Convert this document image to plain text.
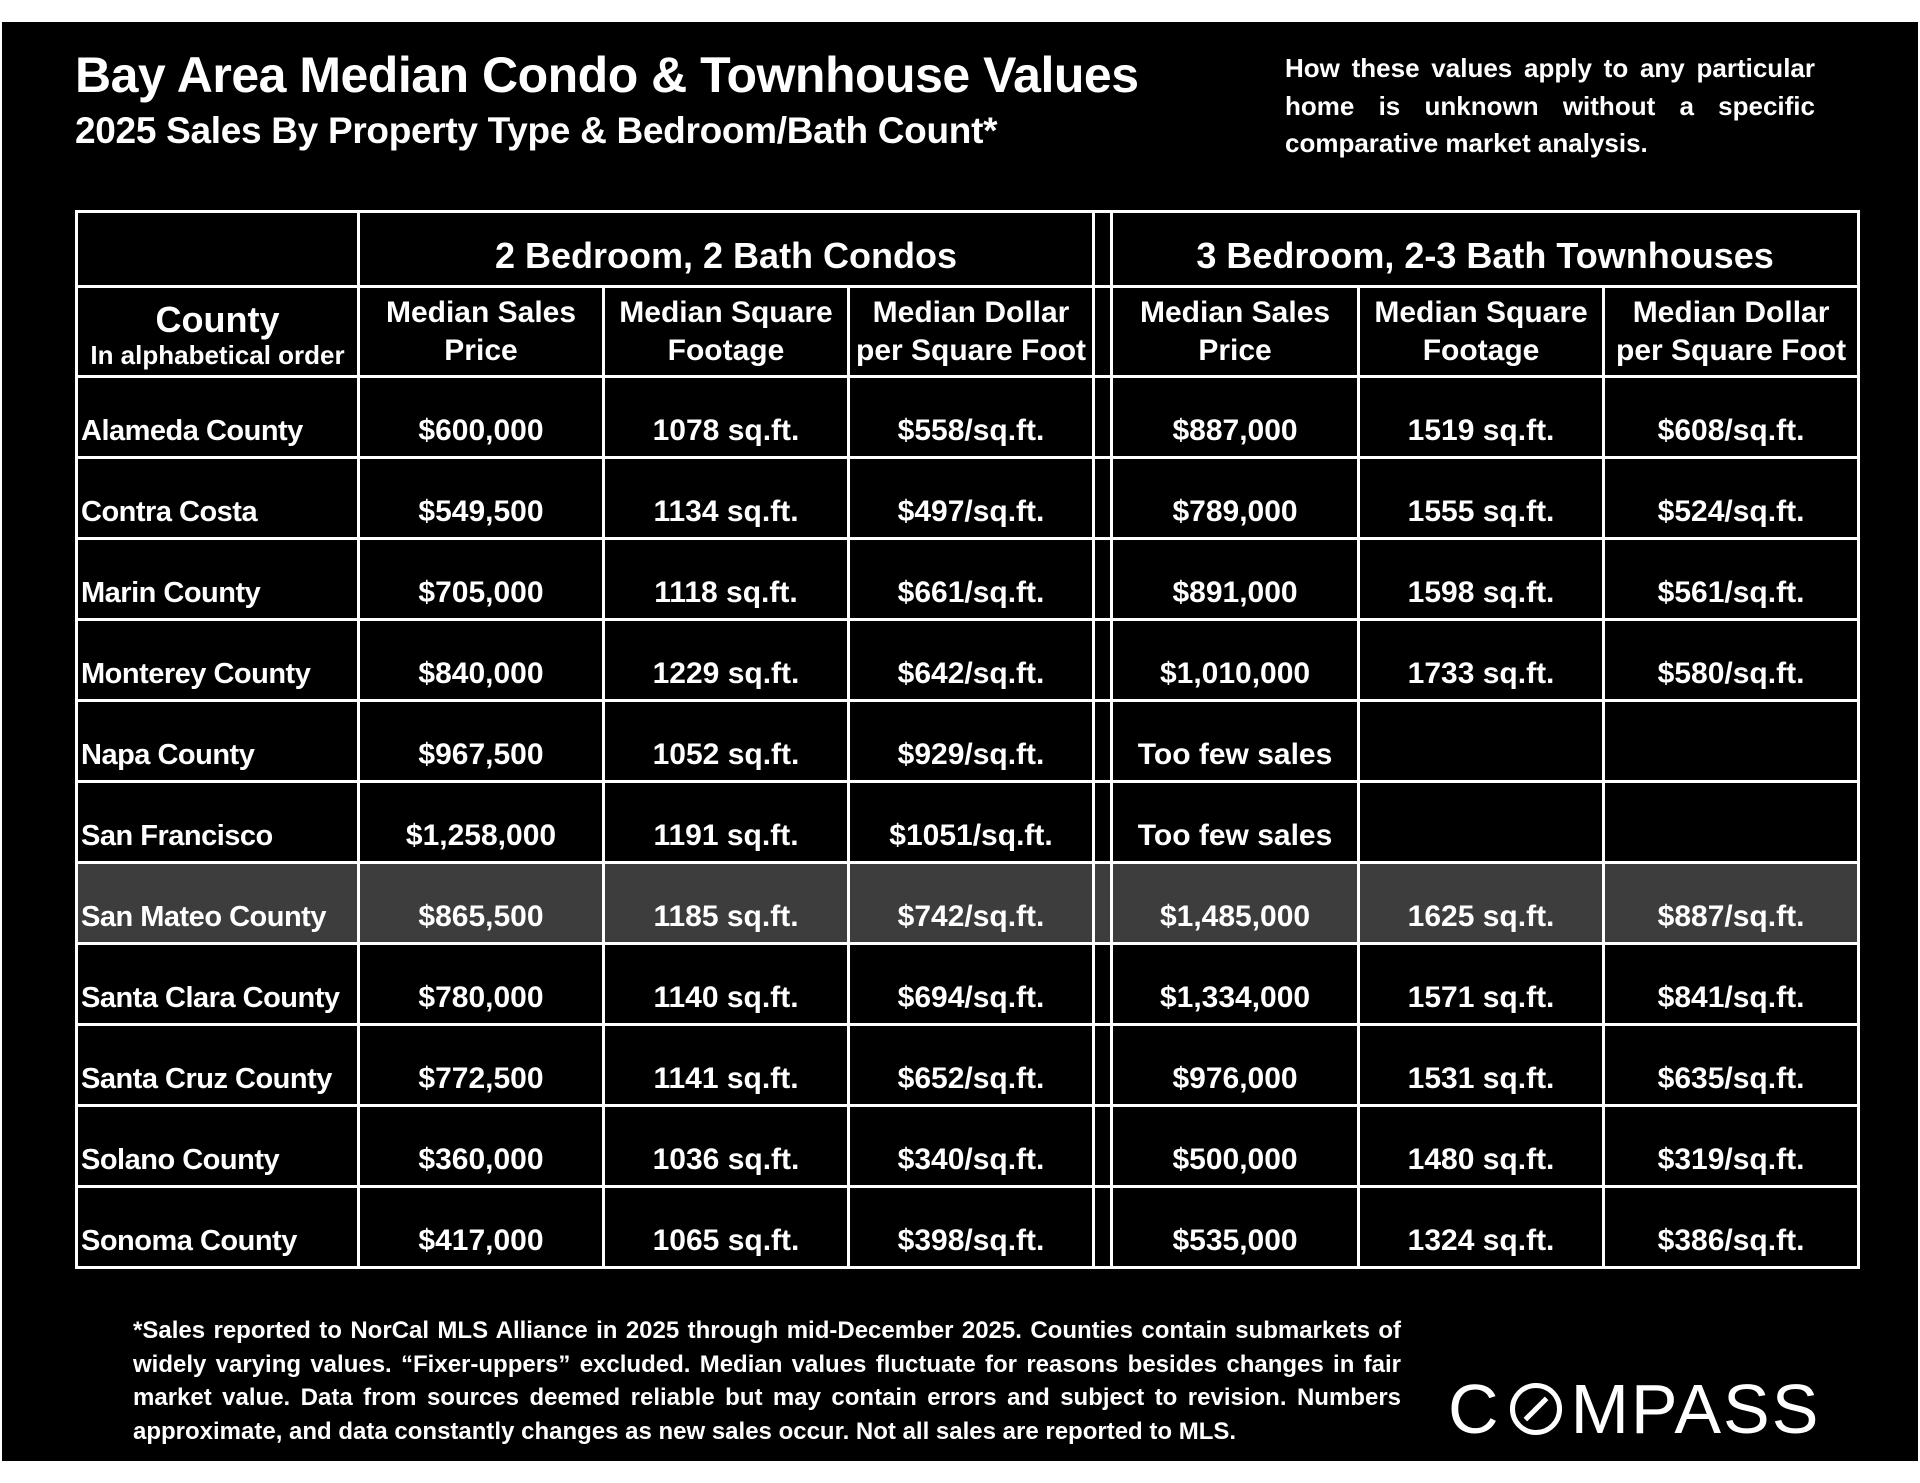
Bay Area Median Condo & Townhouse Values
2025 Sales By Property Type & Bedroom/Bath Count*
How these values apply to any particular home is unknown without a specific comparative market analysis.
	2 Bedroom, 2 Bath Condos				3 Bedroom, 2-3 Bath Townhouses		

County
In alphabetical order	Median Sales Price	Median Square Footage	Median Dollar per Square Foot		Median Sales Price	Median Square Footage	Median Dollar per Square Foot
Alameda County	$600,000	1078 sq.ft.	$558/sq.ft.		$887,000	1519 sq.ft.	$608/sq.ft.
Contra Costa	$549,500	1134 sq.ft.	$497/sq.ft.		$789,000	1555 sq.ft.	$524/sq.ft.
Marin County	$705,000	1118 sq.ft.	$661/sq.ft.		$891,000	1598 sq.ft.	$561/sq.ft.
Monterey County	$840,000	1229 sq.ft.	$642/sq.ft.		$1,010,000	1733 sq.ft.	$580/sq.ft.
Napa County	$967,500	1052 sq.ft.	$929/sq.ft.		Too few sales		
San Francisco	$1,258,000	1191 sq.ft.	$1051/sq.ft.		Too few sales		
San Mateo County	$865,500	1185 sq.ft.	$742/sq.ft.		$1,485,000	1625 sq.ft.	$887/sq.ft.
Santa Clara County	$780,000	1140 sq.ft.	$694/sq.ft.		$1,334,000	1571 sq.ft.	$841/sq.ft.
Santa Cruz County	$772,500	1141 sq.ft.	$652/sq.ft.		$976,000	1531 sq.ft.	$635/sq.ft.
Solano County	$360,000	1036 sq.ft.	$340/sq.ft.		$500,000	1480 sq.ft.	$319/sq.ft.
Sonoma County	$417,000	1065 sq.ft.	$398/sq.ft.		$535,000	1324 sq.ft.	$386/sq.ft.
*Sales reported to NorCal MLS Alliance in 2025 through mid-December 2025. Counties contain submarkets of widely varying values. “Fixer-uppers” excluded. Median values fluctuate for reasons besides changes in fair market value. Data from sources deemed reliable but may contain errors and subject to revision. Numbers approximate, and data constantly changes as new sales occur. Not all sales are reported to MLS.	C MPASS
